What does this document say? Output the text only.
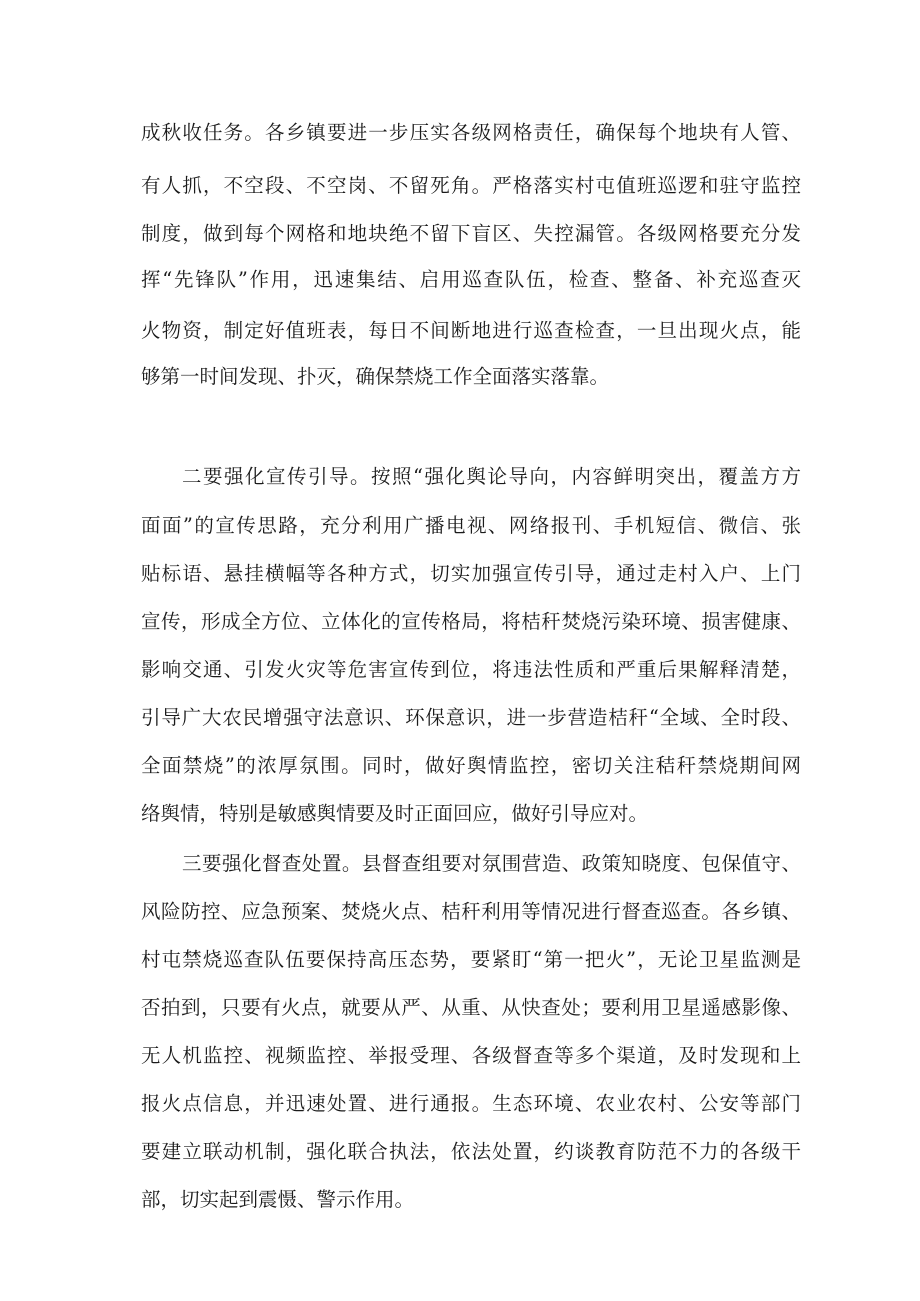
成秋收任务。各乡镇要进一步压实各级网格责任，确保每个地块有人管、

有人抓，不空段、不空岗、不留死角。严格落实村屯值班巡逻和驻守监控

制度，做到每个网格和地块绝不留下盲区、失控漏管。各级网格要充分发

挥“先锋队”作用，迅速集结、启用巡查队伍，检查、整备、补充巡查灭

火物资，制定好值班表，每日不间断地进行巡查检查，一旦出现火点，能

够第一时间发现、扑灭，确保禁烧工作全面落实落靠。

二要强化宣传引导。按照“强化舆论导向，内容鲜明突出，覆盖方方

面面”的宣传思路，充分利用广播电视、网络报刊、手机短信、微信、张

贴标语、悬挂横幅等各种方式，切实加强宣传引导，通过走村入户、上门

宣传，形成全方位、立体化的宣传格局，将桔秆焚烧污染环境、损害健康、

影响交通、引发火灾等危害宣传到位，将违法性质和严重后果解释清楚，

引导广大农民增强守法意识、环保意识，进一步营造桔秆“全域、全时段、

全面禁烧”的浓厚氛围。同时，做好舆情监控，密切关注秸秆禁烧期间网

络舆情，特别是敏感舆情要及时正面回应，做好引导应对。

三要强化督查处置。县督查组要对氛围营造、政策知晓度、包保值守、

风险防控、应急预案、焚烧火点、桔秆利用等情况进行督查巡查。各乡镇、

村屯禁烧巡查队伍要保持高压态势，要紧盯“第一把火”，无论卫星监测是

否拍到，只要有火点，就要从严、从重、从快查处；要利用卫星遥感影像、

无人机监控、视频监控、举报受理、各级督查等多个渠道，及时发现和上

报火点信息，并迅速处置、进行通报。生态环境、农业农村、公安等部门

要建立联动机制，强化联合执法，依法处置，约谈教育防范不力的各级干

部，切实起到震慑、警示作用。
